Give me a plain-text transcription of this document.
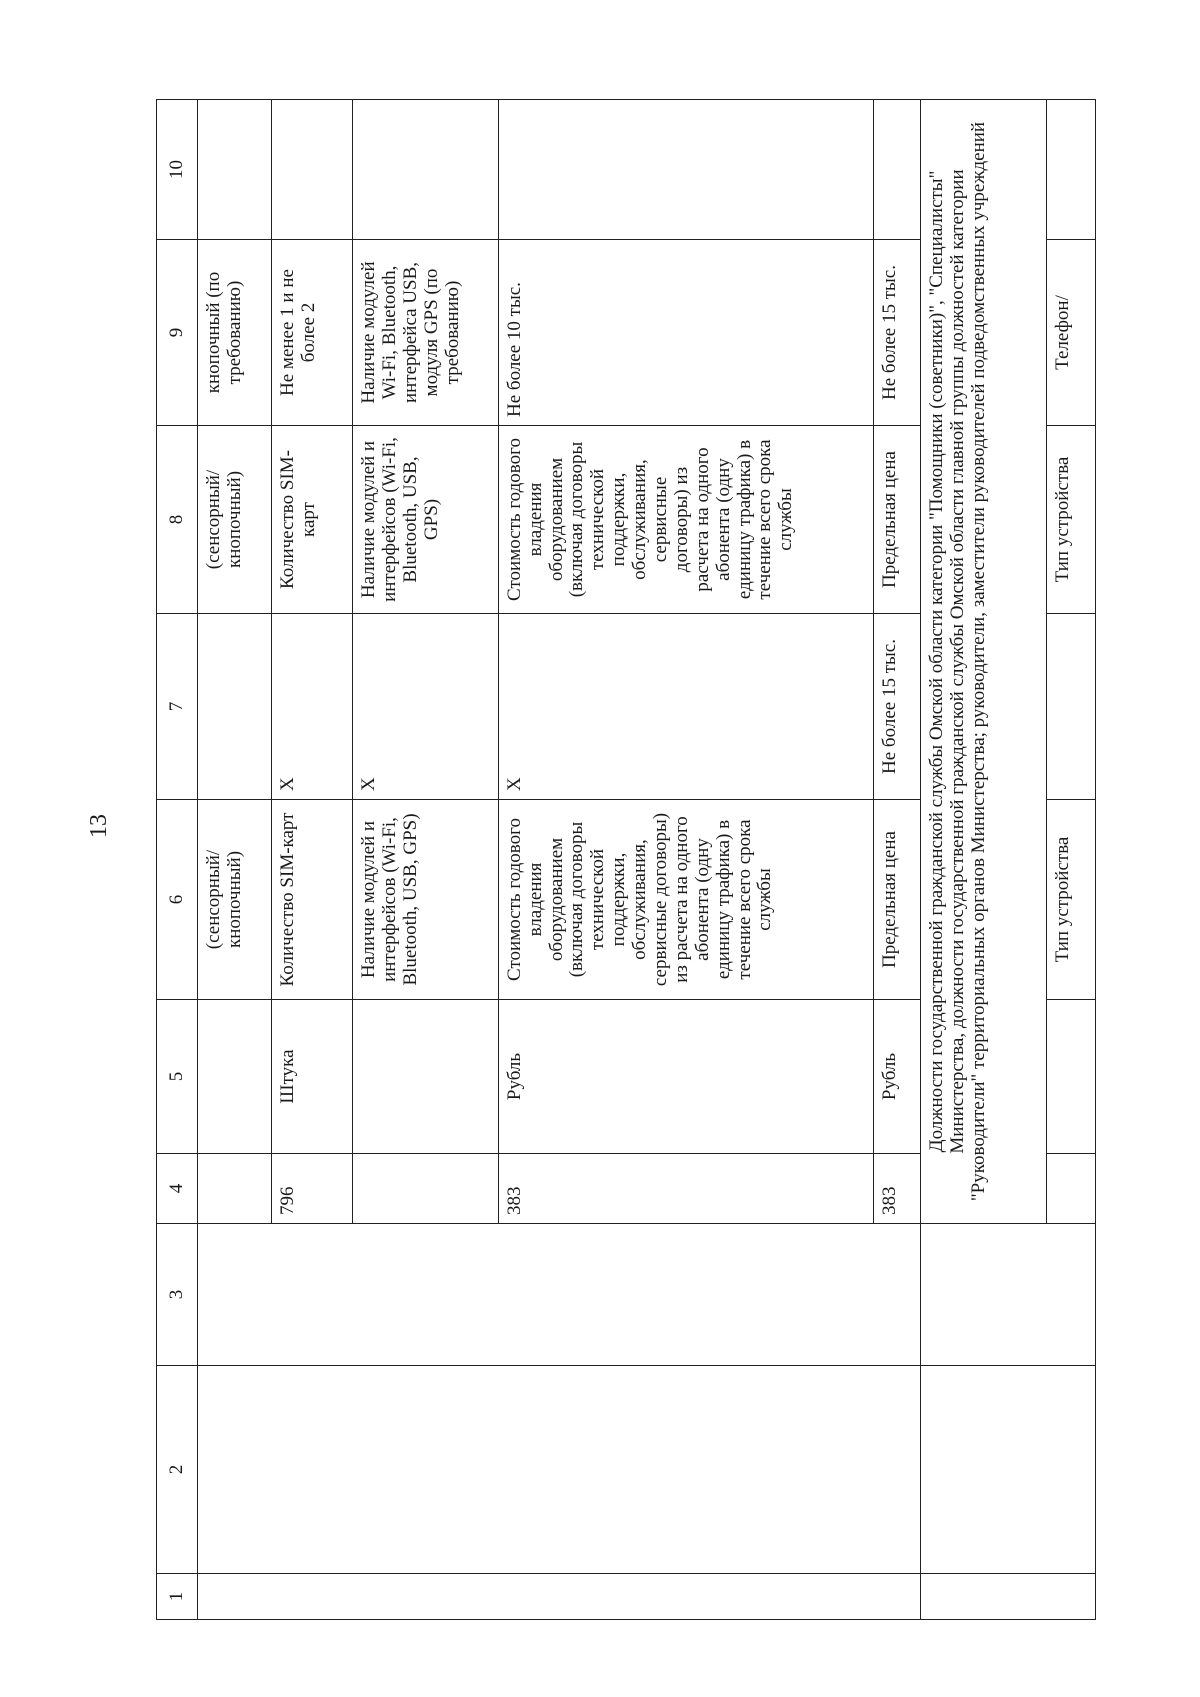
13
1	2	3	4	5	6	7	8	9	10
					(сенсорный/ кнопочный)		(сенсорный/ кнопочный)	кнопочный (по требованию)	
			796	Штука	Количество SIM-карт	X	Количество SIM-карт	Не менее 1 и не более 2	
					Наличие модулей и интерфейсов (Wi-Fi, Bluetooth, USB, GPS)	X	Наличие модулей и интерфейсов (Wi-Fi, Bluetooth, USB, GPS)	Наличие модулей Wi-Fi, Bluetooth, интерфейса USB, модуля GPS (по требованию)	
			383	Рубль	Стоимость годового владения оборудованием (включая договоры технической поддержки, обслуживания, сервисные договоры) из расчета на одного абонента (одну единицу трафика) в течение всего срока службы	X	Стоимость годового владения оборудованием (включая договоры технической поддержки, обслуживания, сервисные договоры) из расчета на одного абонента (одну единицу трафика) в течение всего срока службы	Не более 10 тыс.	
			383	Рубль	Предельная цена	Не более 15 тыс.	Предельная цена	Не более 15 тыс.	
			Должности государственной гражданской службы Омской области категории "Помощники (советники)", "Специалисты" Министерства, должности государственной гражданской службы Омской области главной группы должностей категории "Руководители" территориальных органов Министерства; руководители, заместители руководителей подведомственных учреждений						
					Тип устройства		Тип устройства	Телефон/	
